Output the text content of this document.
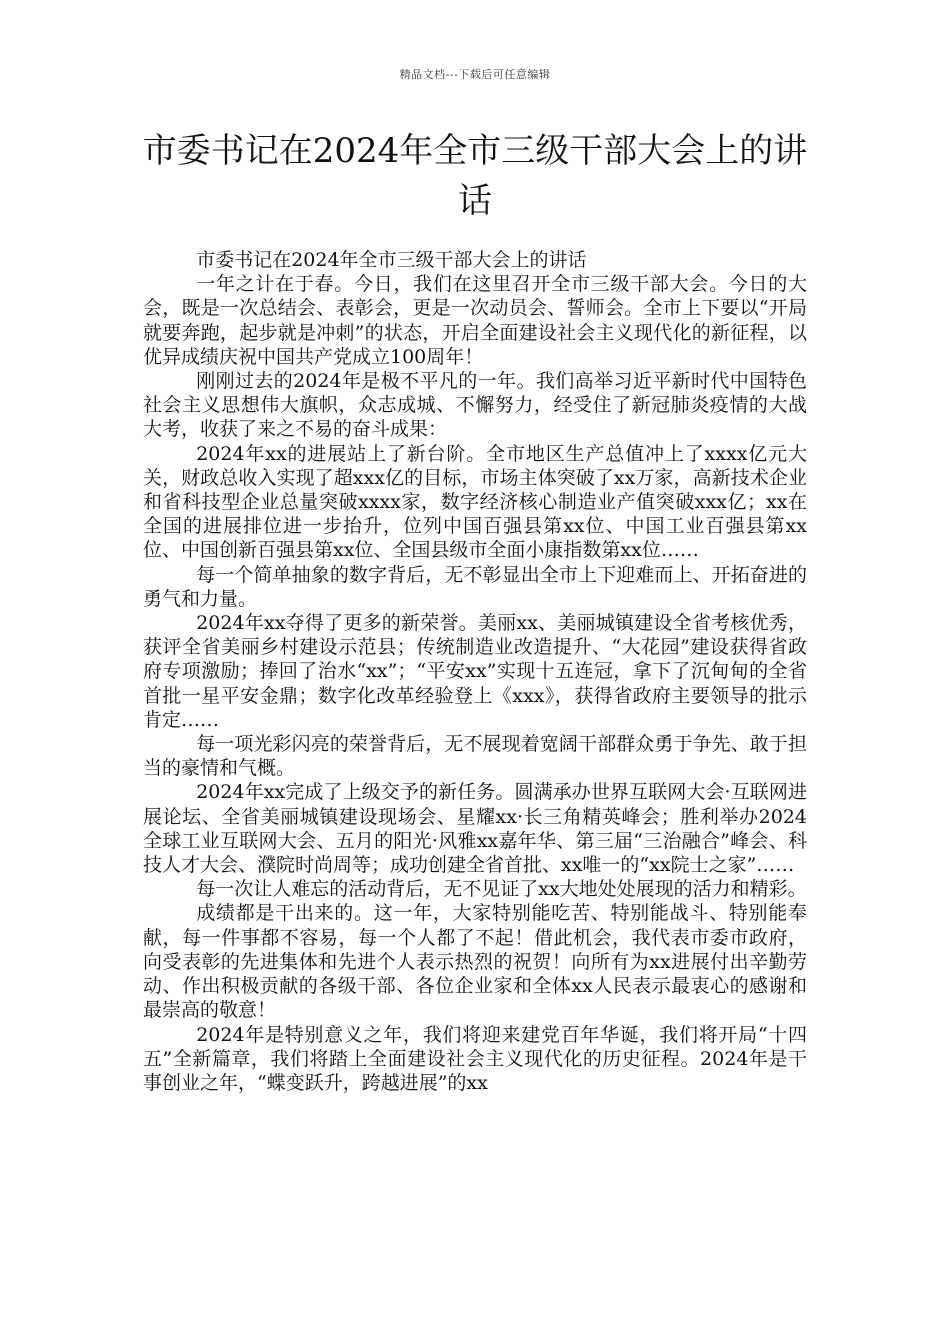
精品文档---下载后可任意编辑
市委书记在2024年全市三级干部大会上的讲话

市委书记在2024年全市三级干部大会上的讲话

一年之计在于春。今日，我们在这里召开全市三级干部大会。今日的大会，既是一次总结会、表彰会，更是一次动员会、誓师会。全市上下要以“开局就要奔跑，起步就是冲刺”的状态，开启全面建设社会主义现代化的新征程，以优异成绩庆祝中国共产党成立100周年！

刚刚过去的2024年是极不平凡的一年。我们高举习近平新时代中国特色社会主义思想伟大旗帜，众志成城、不懈努力，经受住了新冠肺炎疫情的大战大考，收获了来之不易的奋斗成果：

2024年xx的进展站上了新台阶。全市地区生产总值冲上了xxxx亿元大关，财政总收入实现了超xxx亿的目标，市场主体突破了xx万家，高新技术企业和省科技型企业总量突破xxxx家，数字经济核心制造业产值突破xxx亿；xx在全国的进展排位进一步抬升，位列中国百强县第xx位、中国工业百强县第xx位、中国创新百强县第xx位、全国县级市全面小康指数第xx位……

每一个简单抽象的数字背后，无不彰显出全市上下迎难而上、开拓奋进的勇气和力量。

2024年xx夺得了更多的新荣誉。美丽xx、美丽城镇建设全省考核优秀，获评全省美丽乡村建设示范县；传统制造业改造提升、“大花园”建设获得省政府专项激励；捧回了治水“xx”；“平安xx”实现十五连冠，拿下了沉甸甸的全省首批一星平安金鼎；数字化改革经验登上《xxx》，获得省政府主要领导的批示肯定……

每一项光彩闪亮的荣誉背后，无不展现着宽阔干部群众勇于争先、敢于担当的豪情和气概。

2024年xx完成了上级交予的新任务。圆满承办世界互联网大会·互联网进展论坛、全省美丽城镇建设现场会、星耀xx·长三角精英峰会；胜利举办2024全球工业互联网大会、五月的阳光·风雅xx嘉年华、第三届“三治融合”峰会、科技人才大会、濮院时尚周等；成功创建全省首批、xx唯一的“xx院士之家”……

每一次让人难忘的活动背后，无不见证了xx大地处处展现的活力和精彩。

成绩都是干出来的。这一年，大家特别能吃苦、特别能战斗、特别能奉献，每一件事都不容易，每一个人都了不起！借此机会，我代表市委市政府，向受表彰的先进集体和先进个人表示热烈的祝贺！向所有为xx进展付出辛勤劳动、作出积极贡献的各级干部、各位企业家和全体xx人民表示最衷心的感谢和最崇高的敬意！

2024年是特别意义之年，我们将迎来建党百年华诞，我们将开局“十四五”全新篇章，我们将踏上全面建设社会主义现代化的历史征程。2024年是干事创业之年，“蝶变跃升，跨越进展”的xx
